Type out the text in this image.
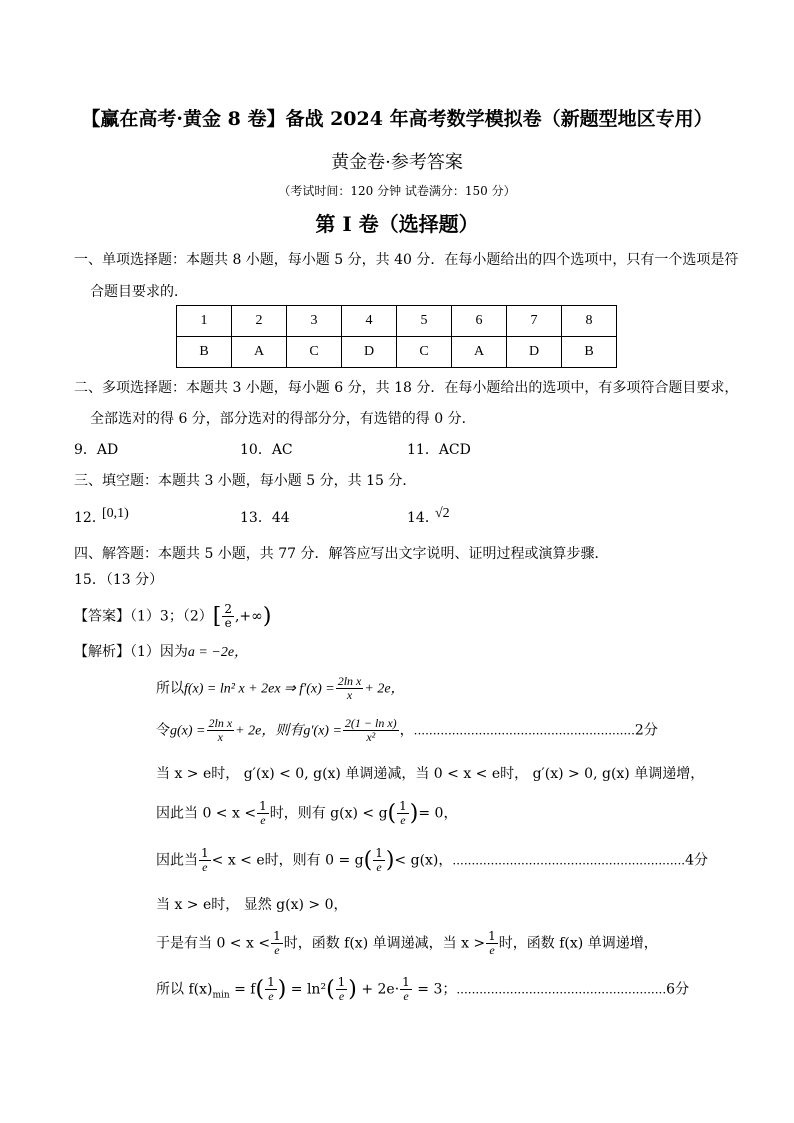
【赢在高考·黄金 8 卷】备战 2024 年高考数学模拟卷（新题型地区专用）
黄金卷·参考答案
（考试时间：120 分钟 试卷满分：150 分）
第 I 卷（选择题）
一、单项选择题：本题共 8 小题，每小题 5 分，共 40 分．在每小题给出的四个选项中，只有一个选项是符
合题目要求的．
1	2	3	4	5	6	7	8
B	A	C	D	C	A	D	B
二、多项选择题：本题共 3 小题，每小题 6 分，共 18 分．在每小题给出的选项中，有多项符合题目要求，
全部选对的得 6 分，部分选对的得部分分，有选错的得 0 分．
9．AD	10．AC	11．ACD
三、填空题：本题共 3 小题，每小题 5 分，共 15 分．
12．
[0,1)	13．44	14．
√2
四、解答题：本题共 5 小题，共 77 分．解答应写出文字说明、证明过程或演算步骤．
15．（13 分）
【答案】（1）3；$(2)[ \frac{2}{e}$ ,+∞)
【解析】（1）因为a = −2e，
所以f(x) = ln² x + 2ex ⇒ $f'(x) = \frac{\text{2ln x}}{x} + 2e$，
令$g(x) = \frac{\text{2ln x}}{x} + 2e$，则有$g'(x) = \frac{\text{2(1 − ln x)}}{\text{x²}}$ ，..........................................................2分
当 x > e时， g′(x) < 0, g(x) 单调递减，当 0 < x < e时， g′(x) > 0, g(x) 单调递增，
因此当 $0 < x < \frac{1}{e}$ 时，则有 $g(x) < g( \frac{1}{e}$ )= 0，
因此当 $\frac{1}{e} < x < e$时，则有 $0 = g( \frac{1}{e}$ )< g(x)，.............................................................4分
当 x > e时， 显然 g(x) > 0，
于是有当 $0 < x < \frac{1}{e}$ 时，函数 f(x) 单调递减，当 $x > \frac{1}{e}$ 时，函数 f(x) 单调递增，
所以 $f(x)_{min} = f( \frac{1}{e}$ ) = $\ln^2( \frac{1}{e}$ ) + $2e\cdot \frac{1}{e} = 3$；.......................................................6分
